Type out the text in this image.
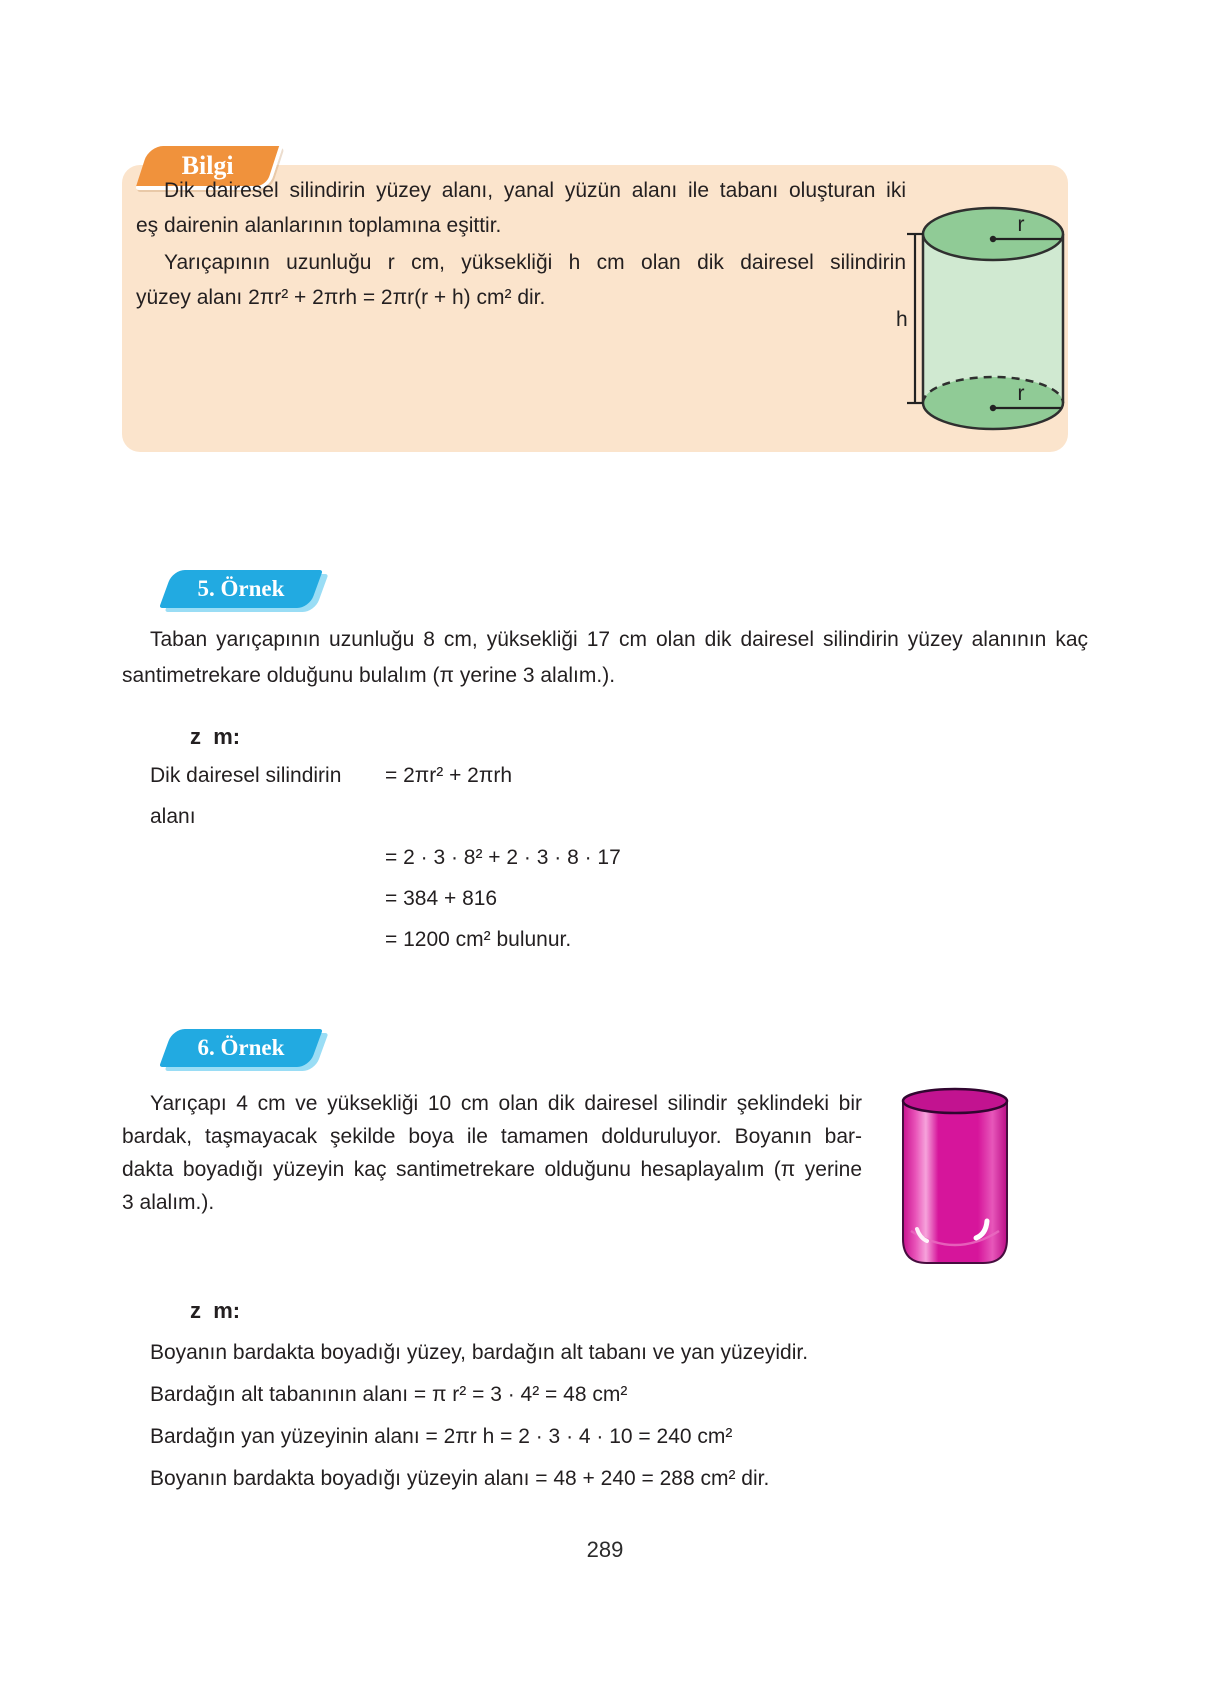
Bilgi
Dik dairesel silindirin yüzey alanı, yanal yüzün alanı ile tabanı oluşturan iki
eş dairenin alanlarının toplamına eşittir.
Yarıçapının uzunluğu r cm, yüksekliği h cm olan dik dairesel silindirin
yüzey alanı 2πr² + 2πrh = 2πr(r + h) cm² dir.
r
r
h
5. Örnek
Taban yarıçapının uzunluğu 8 cm, yüksekliği 17 cm olan dik dairesel silindirin yüzey alanının kaç
santimetrekare olduğunu bulalım (π yerine 3 alalım.).
z  m:
Dik dairesel silindirin alanı
= 2πr² + 2πrh
= 2 · 3 · 8² + 2 · 3 · 8 · 17
= 384 + 816
= 1200 cm² bulunur.
6. Örnek
Yarıçapı 4 cm ve yüksekliği 10 cm olan dik dairesel silindir şeklindeki bir
bardak, taşmayacak şekilde boya ile tamamen dolduruluyor. Boyanın bar-
dakta boyadığı yüzeyin kaç santimetrekare olduğunu hesaplayalım (π yerine
3 alalım.).
z  m:
Boyanın bardakta boyadığı yüzey, bardağın alt tabanı ve yan yüzeyidir.
Bardağın alt tabanının alanı = π r² = 3 · 4² = 48 cm²
Bardağın yan yüzeyinin alanı = 2πr h = 2 · 3 · 4 · 10 = 240 cm²
Boyanın bardakta boyadığı yüzeyin alanı = 48 + 240 = 288 cm² dir.
289
